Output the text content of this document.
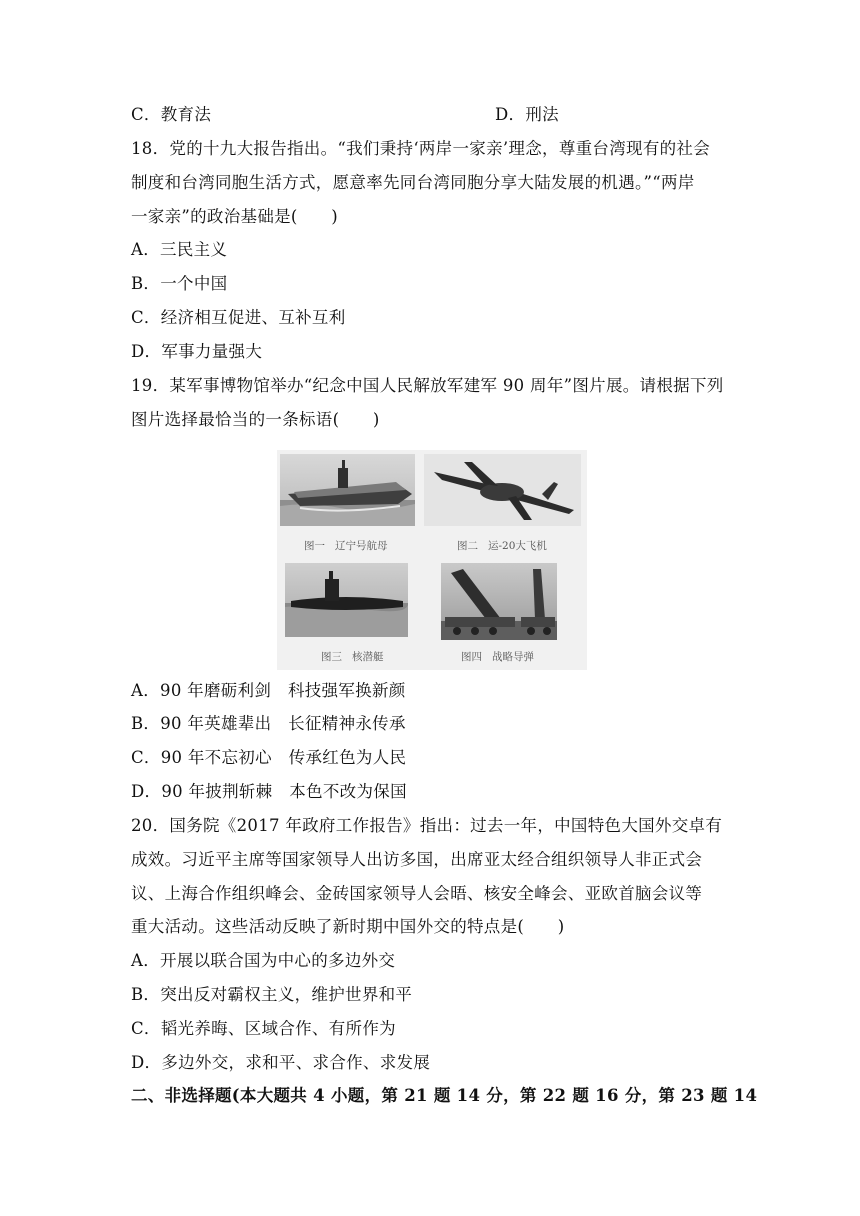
C．教育法	D．刑法
18．党的十九大报告指出。“我们秉持‘两岸一家亲’理念，尊重台湾现有的社会
制度和台湾同胞生活方式，愿意率先同台湾同胞分享大陆发展的机遇。”“两岸
一家亲”的政治基础是(　　)
A．三民主义
B．一个中国
C．经济相互促进、互补互利
D．军事力量强大
19．某军事博物馆举办“纪念中国人民解放军建军 90 周年”图片展。请根据下列
图片选择最恰当的一条标语(　　)
图一 辽宁号航母	图二 运-20大飞机
图三 核潜艇	图四 战略导弹
A．90 年磨砺利剑　科技强军换新颜
B．90 年英雄辈出　长征精神永传承
C．90 年不忘初心　传承红色为人民
D．90 年披荆斩棘　本色不改为保国
20．国务院《2017 年政府工作报告》指出：过去一年，中国特色大国外交卓有
成效。习近平主席等国家领导人出访多国，出席亚太经合组织领导人非正式会
议、上海合作组织峰会、金砖国家领导人会晤、核安全峰会、亚欧首脑会议等
重大活动。这些活动反映了新时期中国外交的特点是(　　)
A．开展以联合国为中心的多边外交
B．突出反对霸权主义，维护世界和平
C．韬光养晦、区域合作、有所作为
D．多边外交，求和平、求合作、求发展
二、非选择题(本大题共 4 小题，第 21 题 14 分，第 22 题 16 分，第 23 题 14
